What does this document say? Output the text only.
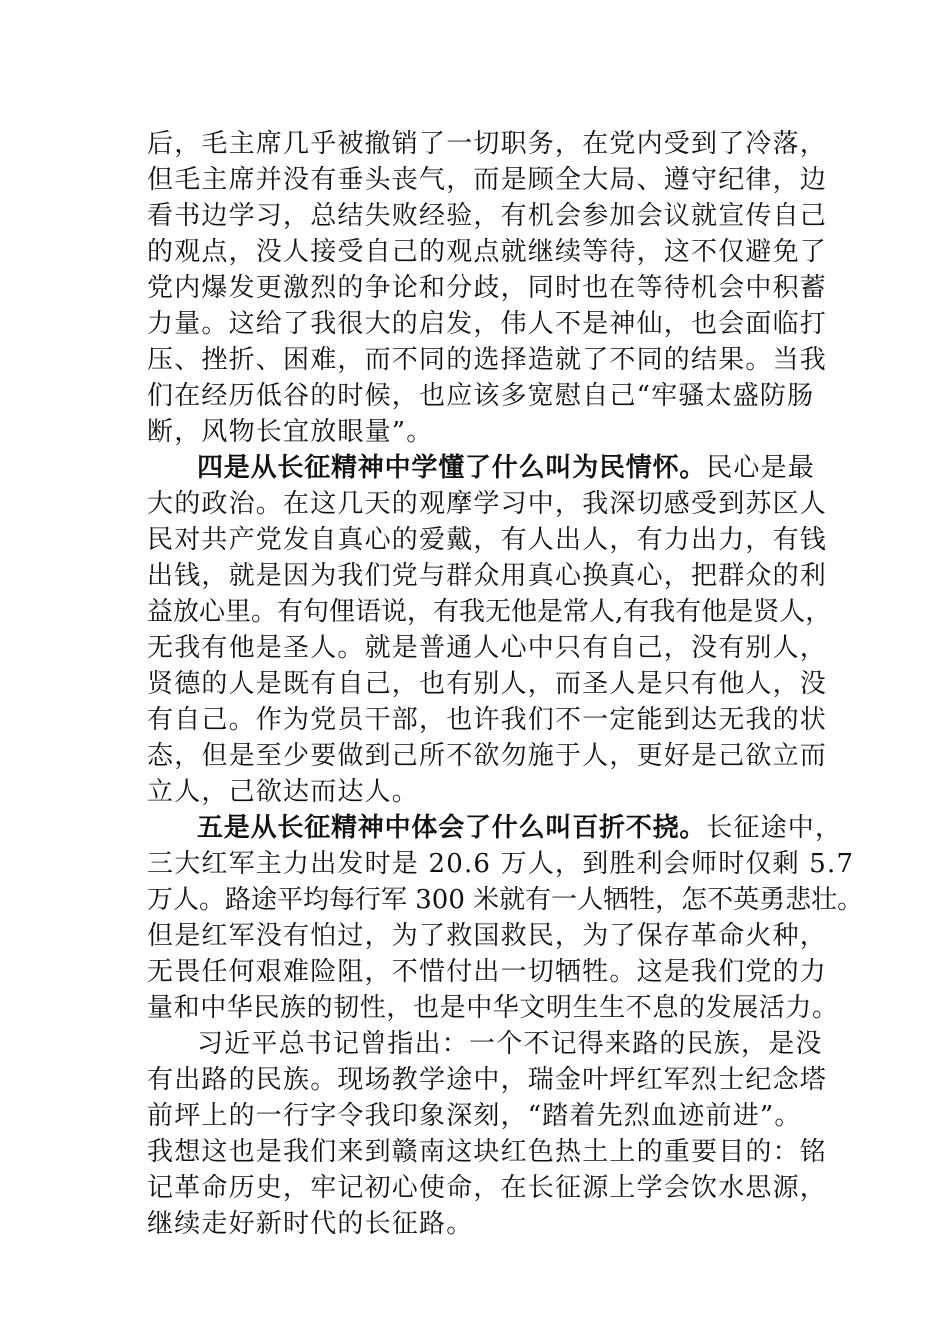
后，毛主席几乎被撤销了一切职务，在党内受到了冷落，
但毛主席并没有垂头丧气，而是顾全大局、遵守纪律，边
看书边学习，总结失败经验，有机会参加会议就宣传自己
的观点，没人接受自己的观点就继续等待，这不仅避免了
党内爆发更激烈的争论和分歧，同时也在等待机会中积蓄
力量。这给了我很大的启发，伟人不是神仙，也会面临打
压、挫折、困难，而不同的选择造就了不同的结果。当我
们在经历低谷的时候，也应该多宽慰自己“牢骚太盛防肠
断，风物长宜放眼量”。
四是从长征精神中学懂了什么叫为民情怀。民心是最
大的政治。在这几天的观摩学习中，我深切感受到苏区人
民对共产党发自真心的爱戴，有人出人，有力出力，有钱
出钱，就是因为我们党与群众用真心换真心，把群众的利
益放心里。有句俚语说，有我无他是常人,有我有他是贤人，
无我有他是圣人。就是普通人心中只有自己，没有别人，
贤德的人是既有自己，也有别人，而圣人是只有他人，没
有自己。作为党员干部，也许我们不一定能到达无我的状
态，但是至少要做到己所不欲勿施于人，更好是己欲立而
立人，己欲达而达人。
五是从长征精神中体会了什么叫百折不挠。长征途中，
三大红军主力出发时是 20.6 万人，到胜利会师时仅剩 5.7
万人。路途平均每行军 300 米就有一人牺牲，怎不英勇悲壮。
但是红军没有怕过，为了救国救民，为了保存革命火种，
无畏任何艰难险阻，不惜付出一切牺牲。这是我们党的力
量和中华民族的韧性，也是中华文明生生不息的发展活力。
习近平总书记曾指出：一个不记得来路的民族，是没
有出路的民族。现场教学途中，瑞金叶坪红军烈士纪念塔
前坪上的一行字令我印象深刻，“踏着先烈血迹前进”。
我想这也是我们来到赣南这块红色热土上的重要目的：铭
记革命历史，牢记初心使命，在长征源上学会饮水思源，
继续走好新时代的长征路。
